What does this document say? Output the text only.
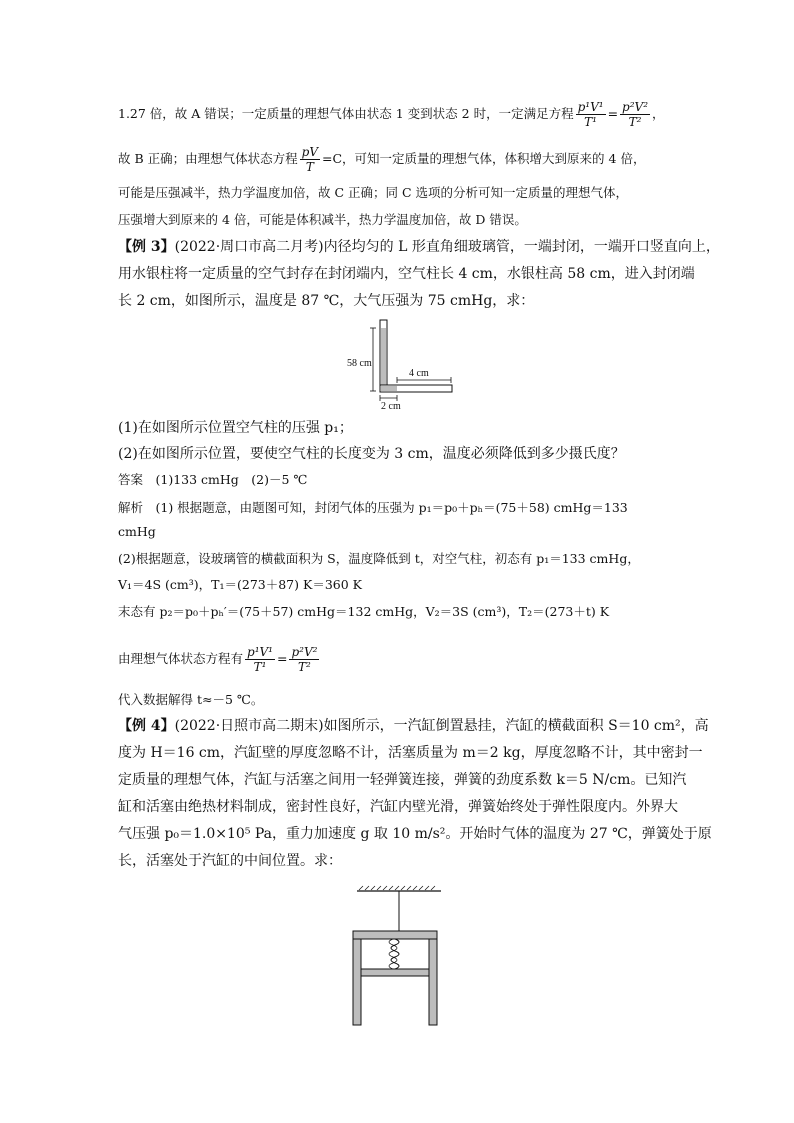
1.27 倍，故 A 错误；一定质量的理想气体由状态 1 变到状态 2 时，一定满足方程 $\frac{\text{p¹V¹}}{\text{T¹}} = \frac{\text{p²V²}}{\text{T²}}$ ，
故 B 正确；由理想气体状态方程 $\frac{pV}{T} =C$，可知一定质量的理想气体，体积增大到原来的 4 倍，
可能是压强减半，热力学温度加倍，故 C 正确；同 C 选项的分析可知一定质量的理想气体，
压强增大到原来的 4 倍，可能是体积减半，热力学温度加倍，故 D 错误。
【例 3】(2022·周口市高二月考)内径均匀的 L 形直角细玻璃管，一端封闭，一端开口竖直向上，
用水银柱将一定质量的空气封存在封闭端内，空气柱长 4 cm，水银柱高 58 cm，进入封闭端
长 2 cm，如图所示，温度是 87 ℃，大气压强为 75 cmHg，求：
58 cm
4 cm
2 cm
(1)在如图所示位置空气柱的压强 p₁；
(2)在如图所示位置，要使空气柱的长度变为 3 cm，温度必须降低到多少摄氏度？
答案　(1)133 cmHg　(2)－5 ℃
解析　(1) 根据题意，由题图可知，封闭气体的压强为 p₁＝p₀＋pₕ＝(75＋58) cmHg＝133
cmHg
(2)根据题意，设玻璃管的横截面积为 S，温度降低到 t，对空气柱，初态有 p₁＝133 cmHg，
V₁＝4S (cm³)，T₁＝(273＋87) K＝360 K
末态有 p₂＝p₀＋pₕ′＝(75＋57) cmHg＝132 cmHg，V₂＝3S (cm³)，T₂＝(273＋t) K
由理想气体状态方程有 $\frac{\text{p¹V¹}}{\text{T¹}} = \frac{\text{p²V²}}{\text{T²}}$
代入数据解得 t≈－5 ℃。
【例 4】(2022·日照市高二期末)如图所示，一汽缸倒置悬挂，汽缸的横截面积 S＝10 cm²，高
度为 H＝16 cm，汽缸壁的厚度忽略不计，活塞质量为 m＝2 kg，厚度忽略不计，其中密封一
定质量的理想气体，汽缸与活塞之间用一轻弹簧连接，弹簧的劲度系数 k＝5 N/cm。已知汽
缸和活塞由绝热材料制成，密封性良好，汽缸内壁光滑，弹簧始终处于弹性限度内。外界大
气压强 p₀＝1.0×10⁵ Pa，重力加速度 g 取 10 m/s²。开始时气体的温度为 27 ℃，弹簧处于原
长，活塞处于汽缸的中间位置。求：
